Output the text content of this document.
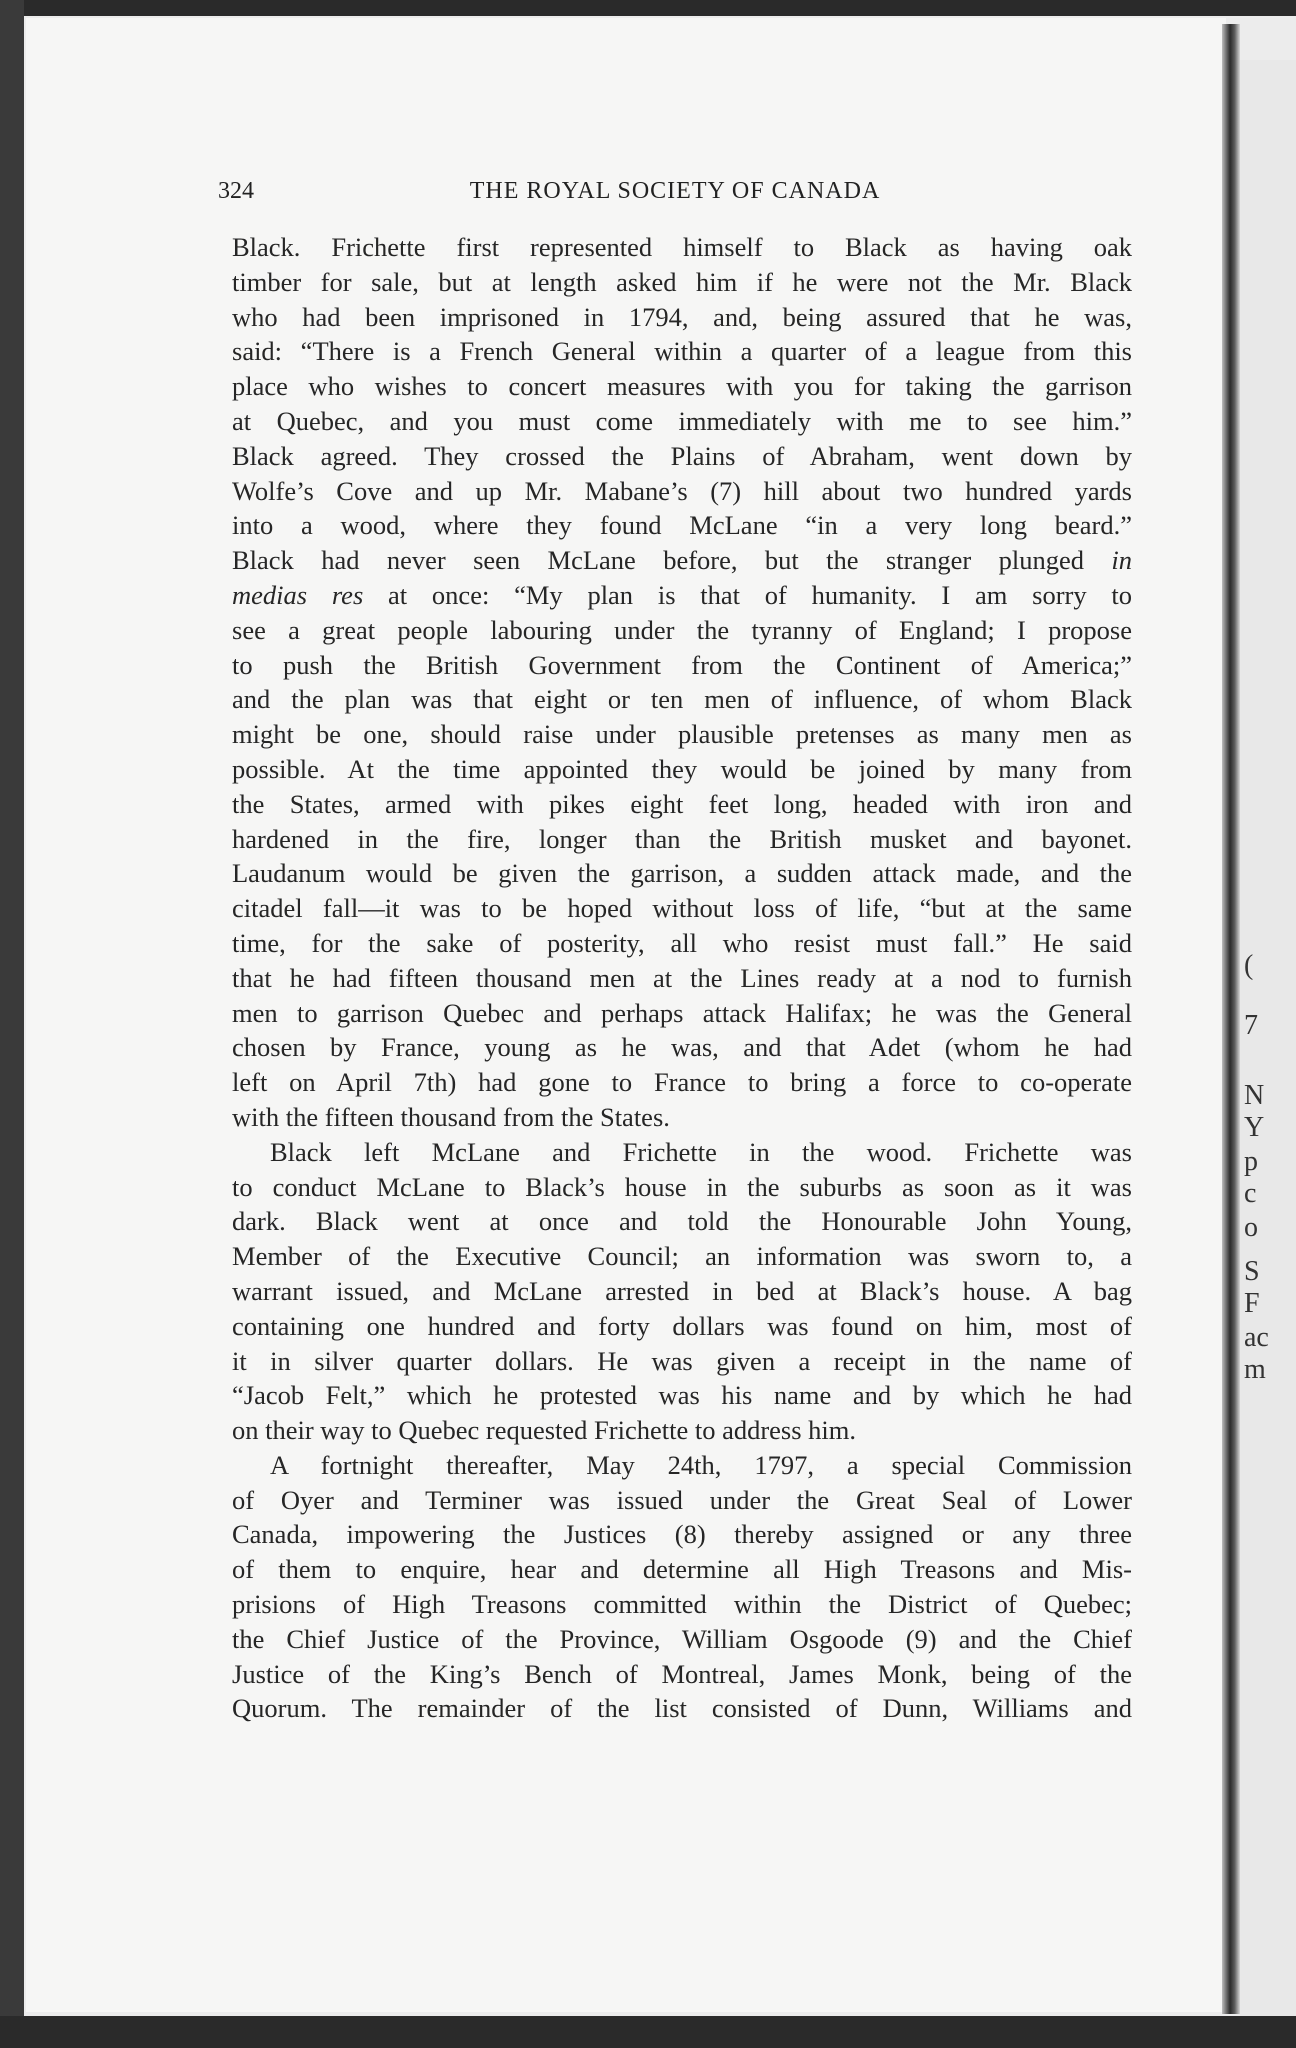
(
7
N
Y
p
c
o
S
F
ac
m
324	THE ROYAL SOCIETY OF CANADA
Black. Frichette first represented himself to Black as having oak
timber for sale, but at length asked him if he were not the Mr. Black
who had been imprisoned in 1794, and, being assured that he was,
said: “There is a French General within a quarter of a league from this
place who wishes to concert measures with you for taking the garrison
at Quebec, and you must come immediately with me to see him.”
Black agreed. They crossed the Plains of Abraham, went down by
Wolfe’s Cove and up Mr. Mabane’s (7) hill about two hundred yards
into a wood, where they found McLane “in a very long beard.”
Black had never seen McLane before, but the stranger plunged in
medias res at once: “My plan is that of humanity. I am sorry to
see a great people labouring under the tyranny of England; I propose
to push the British Government from the Continent of America;”
and the plan was that eight or ten men of influence, of whom Black
might be one, should raise under plausible pretenses as many men as
possible. At the time appointed they would be joined by many from
the States, armed with pikes eight feet long, headed with iron and
hardened in the fire, longer than the British musket and bayonet.
Laudanum would be given the garrison, a sudden attack made, and the
citadel fall—it was to be hoped without loss of life, “but at the same
time, for the sake of posterity, all who resist must fall.” He said
that he had fifteen thousand men at the Lines ready at a nod to furnish
men to garrison Quebec and perhaps attack Halifax; he was the General
chosen by France, young as he was, and that Adet (whom he had
left on April 7th) had gone to France to bring a force to co-operate
with the fifteen thousand from the States.
Black left McLane and Frichette in the wood. Frichette was
to conduct McLane to Black’s house in the suburbs as soon as it was
dark. Black went at once and told the Honourable John Young,
Member of the Executive Council; an information was sworn to, a
warrant issued, and McLane arrested in bed at Black’s house. A bag
containing one hundred and forty dollars was found on him, most of
it in silver quarter dollars. He was given a receipt in the name of
“Jacob Felt,” which he protested was his name and by which he had
on their way to Quebec requested Frichette to address him.
A fortnight thereafter, May 24th, 1797, a special Commission
of Oyer and Terminer was issued under the Great Seal of Lower
Canada, impowering the Justices (8) thereby assigned or any three
of them to enquire, hear and determine all High Treasons and Mis-
prisions of High Treasons committed within the District of Quebec;
the Chief Justice of the Province, William Osgoode (9) and the Chief
Justice of the King’s Bench of Montreal, James Monk, being of the
Quorum. The remainder of the list consisted of Dunn, Williams and
